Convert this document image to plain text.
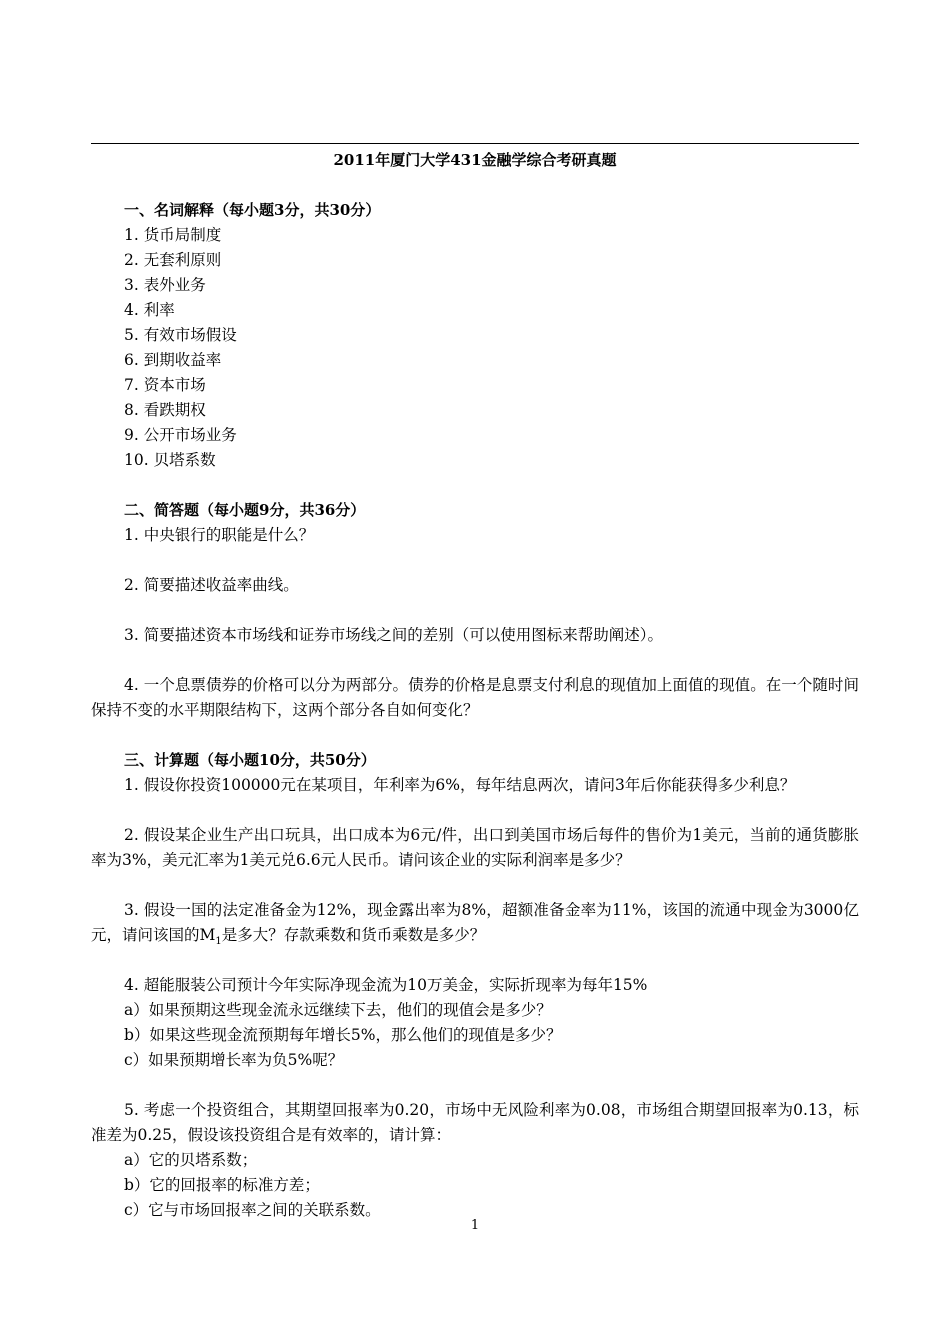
2011年厦门大学431金融学综合考研真题
一、名词解释（每小题3分，共30分）
1. 货币局制度
2. 无套利原则
3. 表外业务
4. 利率
5. 有效市场假设
6. 到期收益率
7. 资本市场
8. 看跌期权
9. 公开市场业务
10. 贝塔系数
二、简答题（每小题9分，共36分）
1. 中央银行的职能是什么？
2. 简要描述收益率曲线。
3. 简要描述资本市场线和证券市场线之间的差别（可以使用图标来帮助阐述）。
4. 一个息票债券的价格可以分为两部分。债券的价格是息票支付利息的现值加上面值的现值。在一个随时间保持不变的水平期限结构下，这两个部分各自如何变化？
三、计算题（每小题10分，共50分）
1. 假设你投资100000元在某项目，年利率为6%，每年结息两次，请问3年后你能获得多少利息？
2. 假设某企业生产出口玩具，出口成本为6元/件，出口到美国市场后每件的售价为1美元，当前的通货膨胀率为3%，美元汇率为1美元兑6.6元人民币。请问该企业的实际利润率是多少？
3. 假设一国的法定准备金为12%，现金露出率为8%，超额准备金率为11%，该国的流通中现金为3000亿元，请问该国的$M_1$是多大？存款乘数和货币乘数是多少？
4. 超能服装公司预计今年实际净现金流为10万美金，实际折现率为每年15%
a）如果预期这些现金流永远继续下去，他们的现值会是多少？
b）如果这些现金流预期每年增长5%，那么他们的现值是多少？
c）如果预期增长率为负5%呢？
5. 考虑一个投资组合，其期望回报率为0.20，市场中无风险利率为0.08，市场组合期望回报率为0.13，标准差为0.25，假设该投资组合是有效率的，请计算：
a）它的贝塔系数；
b）它的回报率的标准方差；
c）它与市场回报率之间的关联系数。
1
